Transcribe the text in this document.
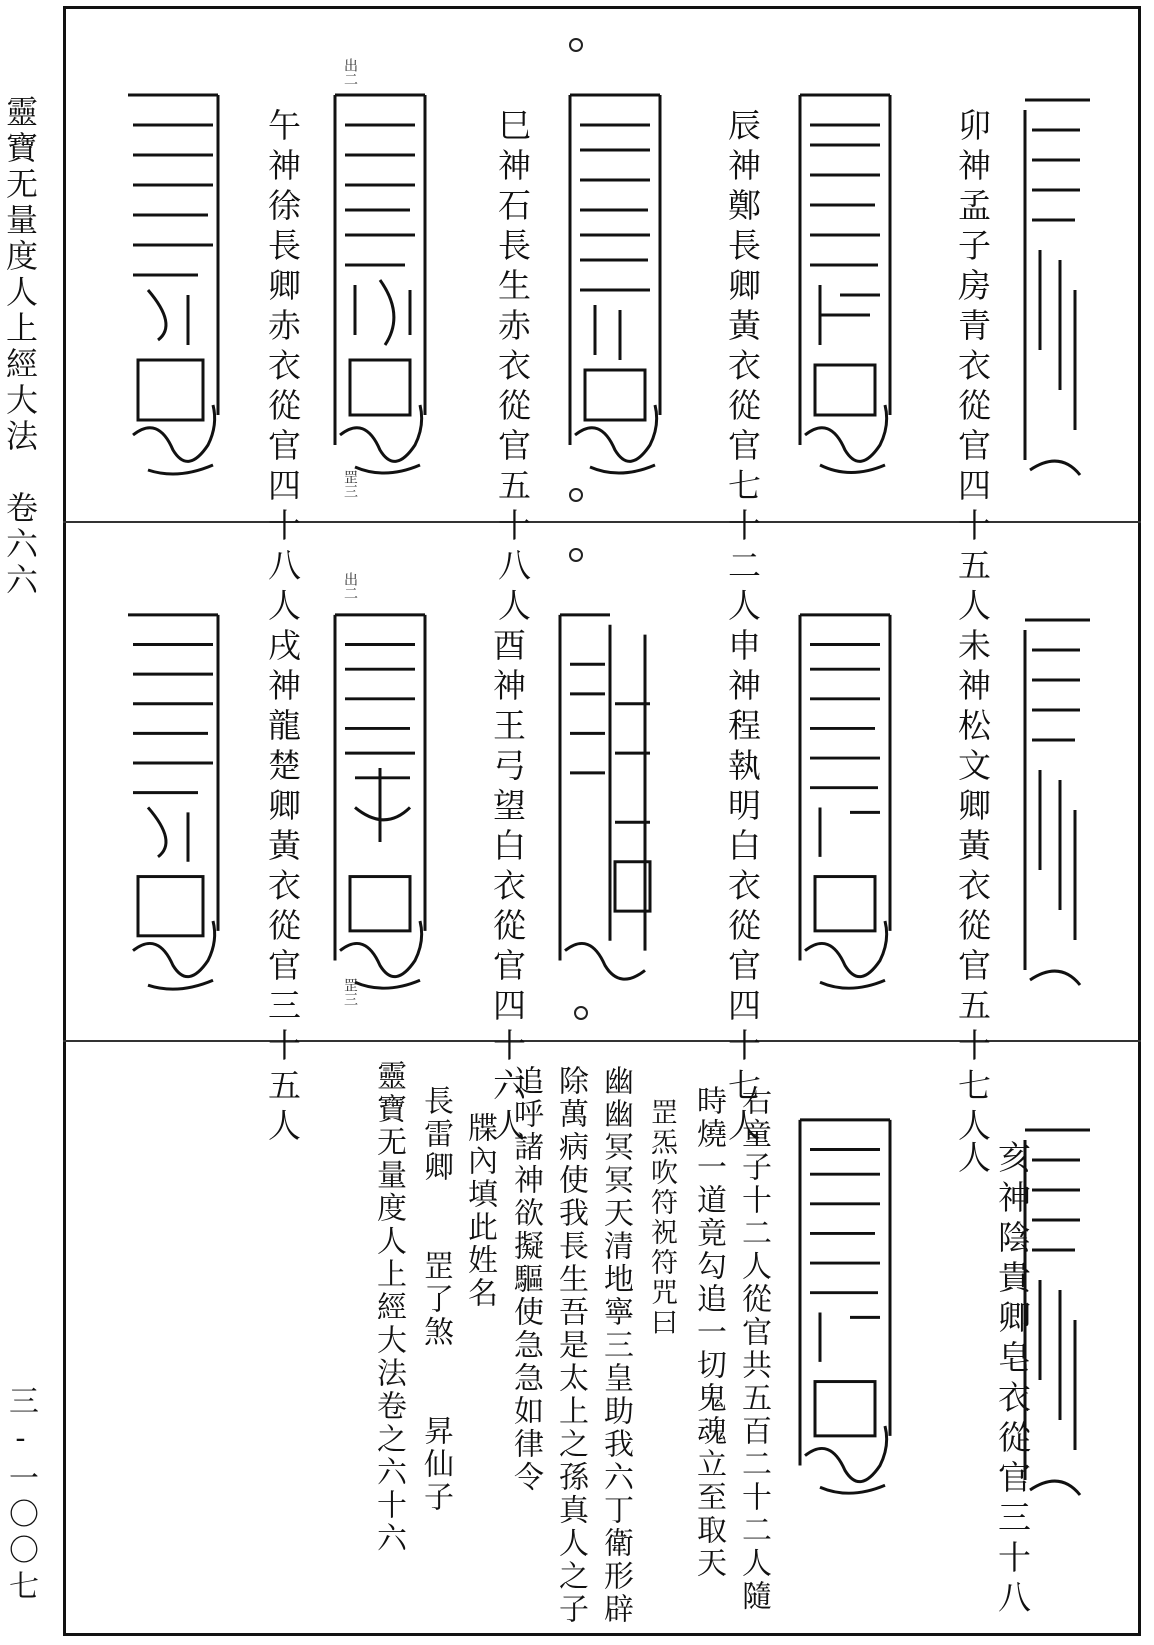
靈寶无量度人上經大法　卷六六
三-一〇〇七
出二
罡三	卯神孟子房青衣從官四十五人
辰神鄭長卿黃衣從官七十二人
巳神石長生赤衣從官五十八人
午神徐長卿赤衣從官四十八人	出二
罡三	未神松文卿黃衣從官五十七人
申神程執明白衣從官四十七人
酉神王弓望白衣從官四十六人
戌神龍楚卿黃衣從官三十五人
亥神陰貴卿皂衣從官三十八人
右童子十二人從官共五百二十二人隨
時燒一道竟勾追一切鬼魂立至取天
罡炁吹符祝符咒曰
幽幽冥冥天清地寧三皇助我六丁衛形辟
除萬病使我長生吾是太上之孫真人之子
追呼諸神欲擬驅使急急如律令
牒內填此姓名
長雷卿　　罡了煞　　昇仙子
靈寶无量度人上經大法卷之六十六
